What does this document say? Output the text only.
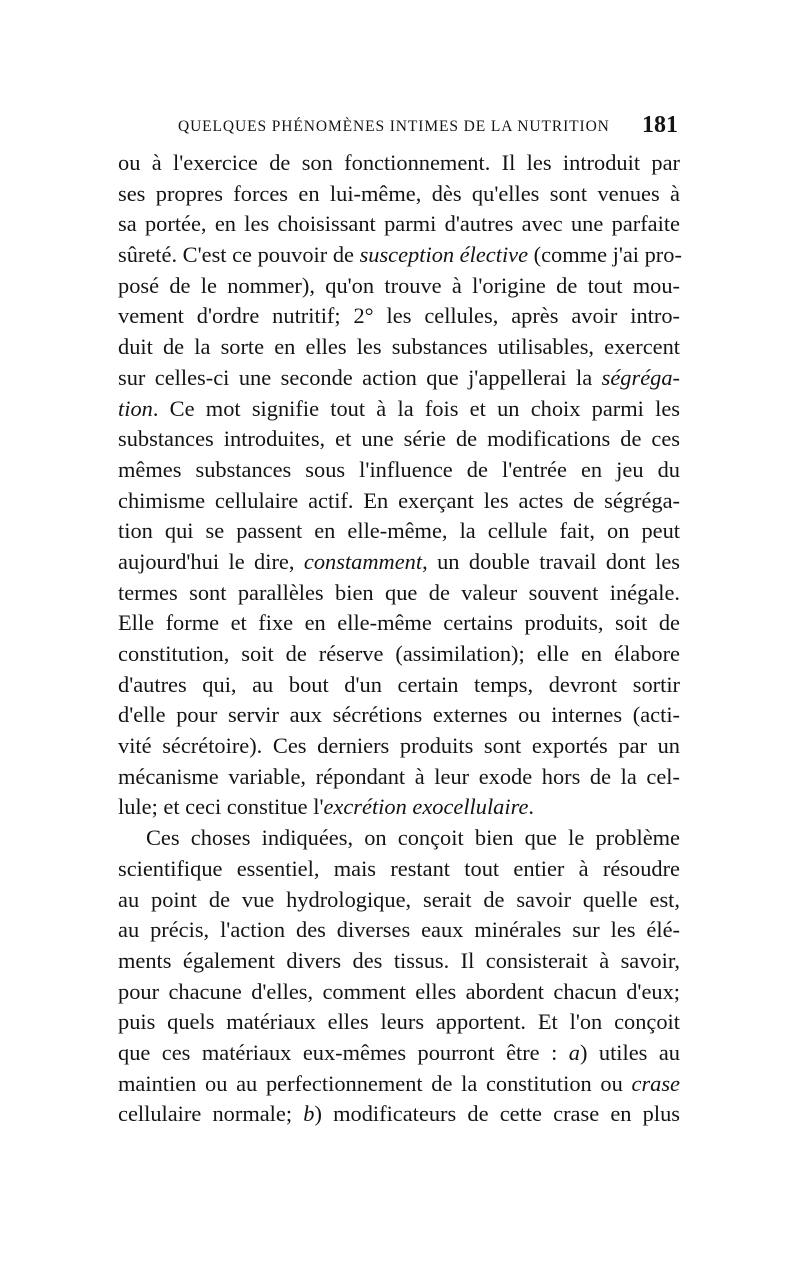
QUELQUES PHÉNOMÈNES INTIMES DE LA NUTRITION 181
ou à l'exercice de son fonctionnement. Il les introduit par
ses propres forces en lui-même, dès qu'elles sont venues à
sa portée, en les choisissant parmi d'autres avec une parfaite
sûreté. C'est ce pouvoir de susception élective (comme j'ai pro-
posé de le nommer), qu'on trouve à l'origine de tout mou-
vement d'ordre nutritif; 2° les cellules, après avoir intro-
duit de la sorte en elles les substances utilisables, exercent
sur celles-ci une seconde action que j'appellerai la ségréga-
tion. Ce mot signifie tout à la fois et un choix parmi les
substances introduites, et une série de modifications de ces
mêmes substances sous l'influence de l'entrée en jeu du
chimisme cellulaire actif. En exerçant les actes de ségréga-
tion qui se passent en elle-même, la cellule fait, on peut
aujourd'hui le dire, constamment, un double travail dont les
termes sont parallèles bien que de valeur souvent inégale.
Elle forme et fixe en elle-même certains produits, soit de
constitution, soit de réserve (assimilation); elle en élabore
d'autres qui, au bout d'un certain temps, devront sortir
d'elle pour servir aux sécrétions externes ou internes (acti-
vité sécrétoire). Ces derniers produits sont exportés par un
mécanisme variable, répondant à leur exode hors de la cel-
lule; et ceci constitue l'excrétion exocellulaire.
Ces choses indiquées, on conçoit bien que le problème
scientifique essentiel, mais restant tout entier à résoudre
au point de vue hydrologique, serait de savoir quelle est,
au précis, l'action des diverses eaux minérales sur les élé-
ments également divers des tissus. Il consisterait à savoir,
pour chacune d'elles, comment elles abordent chacun d'eux;
puis quels matériaux elles leurs apportent. Et l'on conçoit
que ces matériaux eux-mêmes pourront être : a) utiles au
maintien ou au perfectionnement de la constitution ou crase
cellulaire normale; b) modificateurs de cette crase en plus
